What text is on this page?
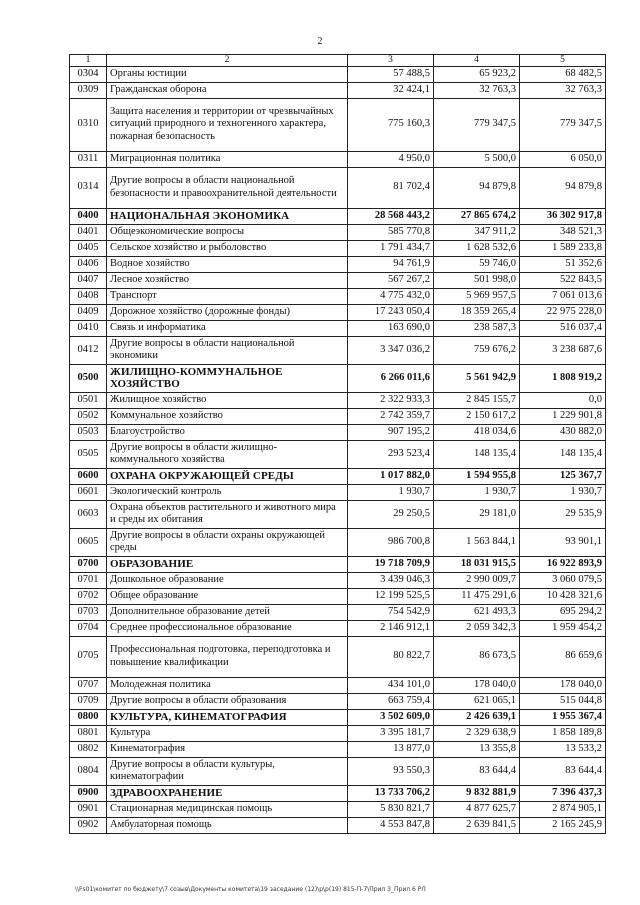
2
1	2	3	4	5
0304	Органы юстиции	57 488,5	65 923,2	68 482,5
0309	Гражданская оборона	32 424,1	32 763,3	32 763,3
0310	Защита населения и территории от чрезвычайных ситуаций природного и техногенного характера, пожарная безопасность	775 160,3	779 347,5	779 347,5
0311	Миграционная политика	4 950,0	5 500,0	6 050,0
0314	Другие вопросы в области национальной безопасности и правоохранительной деятельности	81 702,4	94 879,8	94 879,8
0400	НАЦИОНАЛЬНАЯ ЭКОНОМИКА	28 568 443,2	27 865 674,2	36 302 917,8
0401	Общеэкономические вопросы	585 770,8	347 911,2	348 521,3
0405	Сельское хозяйство и рыболовство	1 791 434,7	1 628 532,6	1 589 233,8
0406	Водное хозяйство	94 761,9	59 746,0	51 352,6
0407	Лесное хозяйство	567 267,2	501 998,0	522 843,5
0408	Транспорт	4 775 432,0	5 969 957,5	7 061 013,6
0409	Дорожное хозяйство (дорожные фонды)	17 243 050,4	18 359 265,4	22 975 228,0
0410	Связь и информатика	163 690,0	238 587,3	516 037,4
0412	Другие вопросы в области национальной экономики	3 347 036,2	759 676,2	3 238 687,6
0500	ЖИЛИЩНО-КОММУНАЛЬНОЕ ХОЗЯЙСТВО	6 266 011,6	5 561 942,9	1 808 919,2
0501	Жилищное хозяйство	2 322 933,3	2 845 155,7	0,0
0502	Коммунальное хозяйство	2 742 359,7	2 150 617,2	1 229 901,8
0503	Благоустройство	907 195,2	418 034,6	430 882,0
0505	Другие вопросы в области жилищно-коммунального хозяйства	293 523,4	148 135,4	148 135,4
0600	ОХРАНА ОКРУЖАЮЩЕЙ СРЕДЫ	1 017 882,0	1 594 955,8	125 367,7
0601	Экологический контроль	1 930,7	1 930,7	1 930,7
0603	Охрана объектов растительного и животного мира и среды их обитания	29 250,5	29 181,0	29 535,9
0605	Другие вопросы в области охраны окружающей среды	986 700,8	1 563 844,1	93 901,1
0700	ОБРАЗОВАНИЕ	19 718 709,9	18 031 915,5	16 922 893,9
0701	Дошкольное образование	3 439 046,3	2 990 009,7	3 060 079,5
0702	Общее образование	12 199 525,5	11 475 291,6	10 428 321,6
0703	Дополнительное образование детей	754 542,9	621 493,3	695 294,2
0704	Среднее профессиональное образование	2 146 912,1	2 059 342,3	1 959 454,2
0705	Профессиональная подготовка, переподготовка и повышение квалификации	80 822,7	86 673,5	86 659,6
0707	Молодежная политика	434 101,0	178 040,0	178 040,0
0709	Другие вопросы в области образования	663 759,4	621 065,1	515 044,8
0800	КУЛЬТУРА, КИНЕМАТОГРАФИЯ	3 502 609,0	2 426 639,1	1 955 367,4
0801	Культура	3 395 181,7	2 329 638,9	1 858 189,8
0802	Кинематография	13 877,0	13 355,8	13 533,2
0804	Другие вопросы в области культуры, кинематографии	93 550,3	83 644,4	83 644,4
0900	ЗДРАВООХРАНЕНИЕ	13 733 706,2	9 832 881,9	7 396 437,3
0901	Стационарная медицинская помощь	5 830 821,7	4 877 625,7	2 874 905,1
0902	Амбулаторная помощь	4 553 847,8	2 639 841,5	2 165 245,9
\\Fs01\комитет по бюджету\7 созыв\Документы комитета\19 заседание (12)\р\р(19) 815-П-7\Прил 3_Прил 6 РЛ
